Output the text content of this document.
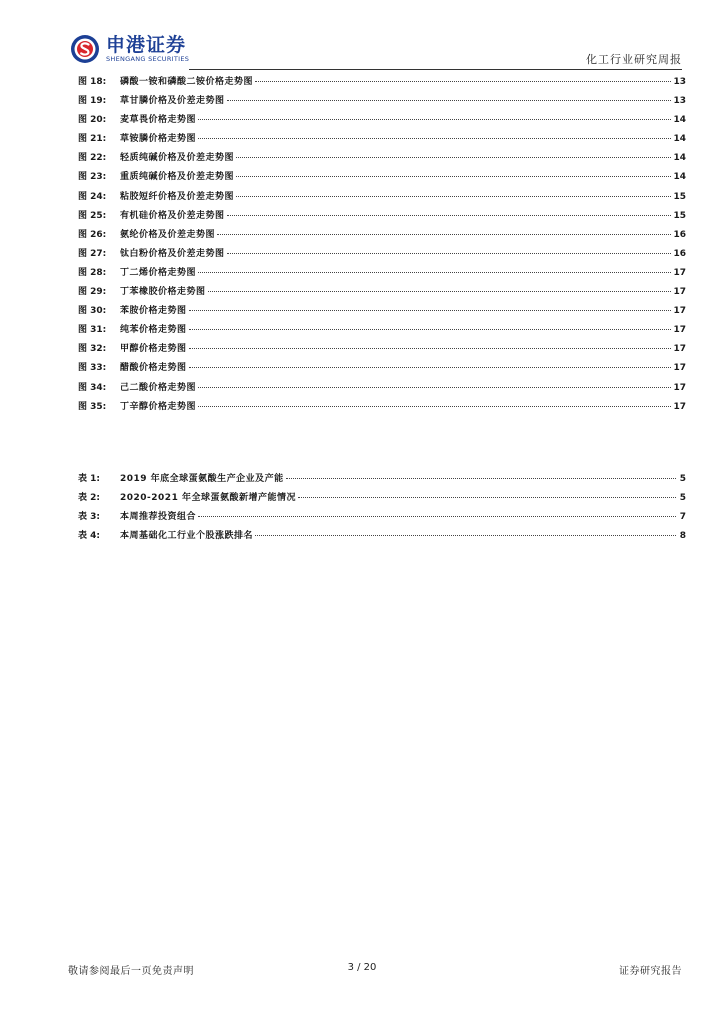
申港证券
SHENGANG SECURITIES	化工行业研究周报
图 18:	磷酸一铵和磷酸二铵价格走势图	13
图 19:	草甘膦价格及价差走势图	13
图 20:	麦草畏价格走势图	14
图 21:	草铵膦价格走势图	14
图 22:	轻质纯碱价格及价差走势图	14
图 23:	重质纯碱价格及价差走势图	14
图 24:	粘胶短纤价格及价差走势图	15
图 25:	有机硅价格及价差走势图	15
图 26:	氨纶价格及价差走势图	16
图 27:	钛白粉价格及价差走势图	16
图 28:	丁二烯价格走势图	17
图 29:	丁苯橡胶价格走势图	17
图 30:	苯胺价格走势图	17
图 31:	纯苯价格走势图	17
图 32:	甲醇价格走势图	17
图 33:	醋酸价格走势图	17
图 34:	己二酸价格走势图	17
图 35:	丁辛醇价格走势图	17
表 1:	2019 年底全球蛋氨酸生产企业及产能	5
表 2:	2020-2021 年全球蛋氨酸新增产能情况	5
表 3:	本周推荐投资组合	7
表 4:	本周基础化工行业个股涨跌排名	8
敬请参阅最后一页免责声明	3 / 20	证券研究报告
